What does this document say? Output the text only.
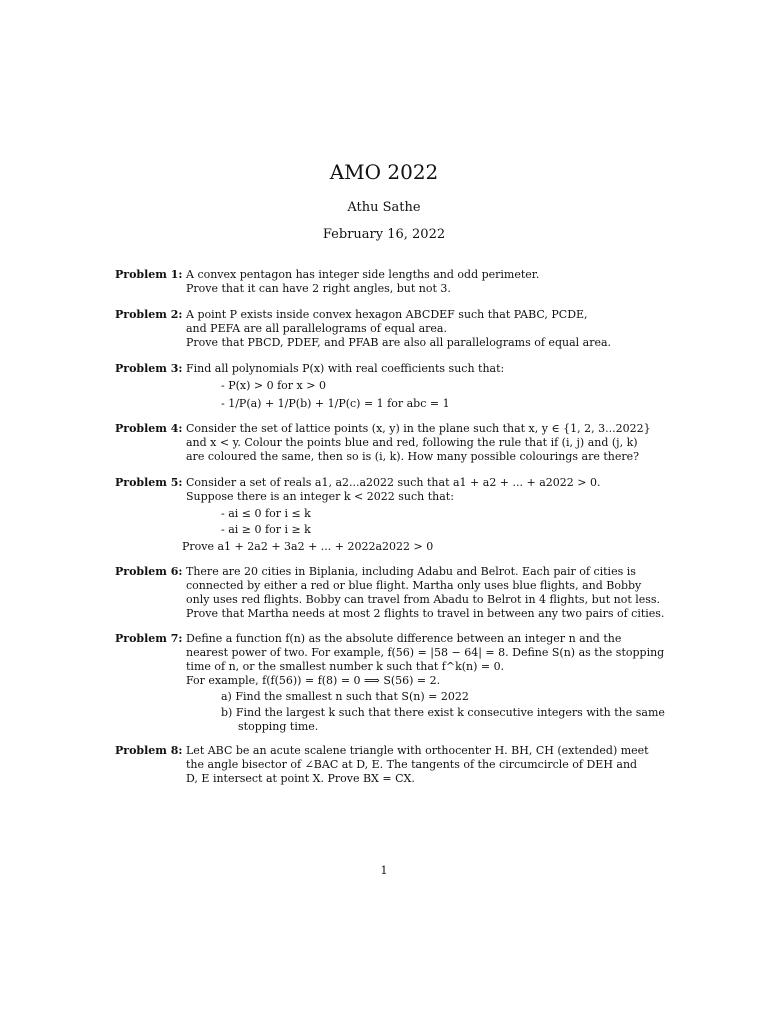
AMO 2022
Athu Sathe
February 16, 2022
Problem 1: A convex pentagon has integer side lengths and odd perimeter.
Prove that it can have 2 right angles, but not 3.
Problem 2: A point P exists inside convex hexagon ABCDEF such that PABC, PCDE,
and PEFA are all parallelograms of equal area.
Prove that PBCD, PDEF, and PFAB are also all parallelograms of equal area.
Problem 3: Find all polynomials P(x) with real coefficients such that:
- P(x) > 0 for x > 0
- 1/P(a) + 1/P(b) + 1/P(c) = 1 for abc = 1
Problem 4: Consider the set of lattice points (x, y) in the plane such that x, y ∈ {1, 2, 3...2022}
and x < y. Colour the points blue and red, following the rule that if (i, j) and (j, k)
are coloured the same, then so is (i, k). How many possible colourings are there?
Problem 5: Consider a set of reals a1, a2...a2022 such that a1 + a2 + ... + a2022 > 0.
Suppose there is an integer k < 2022 such that:
- ai ≤ 0 for i ≤ k
- ai ≥ 0 for i ≥ k
Prove a1 + 2a2 + 3a2 + ... + 2022a2022 > 0
Problem 6: There are 20 cities in Biplania, including Adabu and Belrot. Each pair of cities is
connected by either a red or blue flight. Martha only uses blue flights, and Bobby
only uses red flights. Bobby can travel from Abadu to Belrot in 4 flights, but not less.
Prove that Martha needs at most 2 flights to travel in between any two pairs of cities.
Problem 7: Define a function f(n) as the absolute difference between an integer n and the
nearest power of two. For example, f(56) = |58 − 64| = 8. Define S(n) as the stopping
time of n, or the smallest number k such that f^k(n) = 0.
For example, f(f(56)) = f(8) = 0 ⟹ S(56) = 2.
a) Find the smallest n such that S(n) = 2022
b) Find the largest k such that there exist k consecutive integers with the same
stopping time.
Problem 8: Let ABC be an acute scalene triangle with orthocenter H. BH, CH (extended) meet
the angle bisector of ∠BAC at D, E. The tangents of the circumcircle of DEH and
D, E intersect at point X. Prove BX = CX.
1
